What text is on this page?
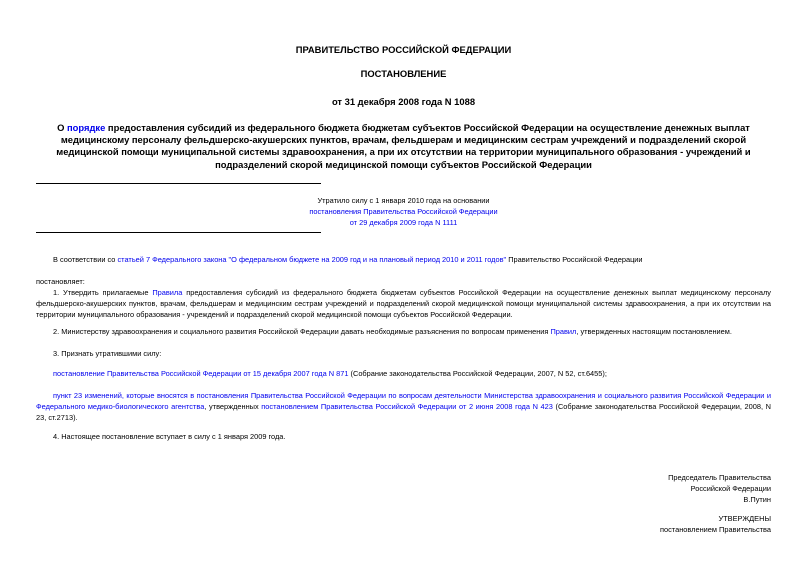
ПРАВИТЕЛЬСТВО РОССИЙСКОЙ ФЕДЕРАЦИИ
ПОСТАНОВЛЕНИЕ
от 31 декабря 2008 года N 1088
О порядке предоставления субсидий из федерального бюджета бюджетам субъектов Российской Федерации на осуществление денежных выплат медицинскому персоналу фельдшерско-акушерских пунктов, врачам, фельдшерам и медицинским сестрам учреждений и подразделений скорой медицинской помощи муниципальной системы здравоохранения, а при их отсутствии на территории муниципального образования - учреждений и подразделений скорой медицинской помощи субъектов Российской Федерации
Утратило силу с 1 января 2010 года на основании
постановления Правительства Российской Федерации
от 29 декабря 2009 года N 1111
В соответствии со статьей 7 Федерального закона "О федеральном бюджете на 2009 год и на плановый период 2010 и 2011 годов" Правительство Российской Федерации
постановляет:
1. Утвердить прилагаемые Правила предоставления субсидий из федерального бюджета бюджетам субъектов Российской Федерации на осуществление денежных выплат медицинскому персоналу фельдшерско-акушерских пунктов, врачам, фельдшерам и медицинским сестрам учреждений и подразделений скорой медицинской помощи муниципальной системы здравоохранения, а при их отсутствии на территории муниципального образования - учреждений и подразделений скорой медицинской помощи субъектов Российской Федерации.
2. Министерству здравоохранения и социального развития Российской Федерации давать необходимые разъяснения по вопросам применения Правил, утвержденных настоящим постановлением.
3. Признать утратившими силу:
постановление Правительства Российской Федерации от 15 декабря 2007 года N 871 (Собрание законодательства Российской Федерации, 2007, N 52, ст.6455);
пункт 23 изменений, которые вносятся в постановления Правительства Российской Федерации по вопросам деятельности Министерства здравоохранения и социального развития Российской Федерации и Федерального медико-биологического агентства, утвержденных постановлением Правительства Российской Федерации от 2 июня 2008 года N 423 (Собрание законодательства Российской Федерации, 2008, N 23, ст.2713).
4. Настоящее постановление вступает в силу с 1 января 2009 года.
Председатель Правительства
Российской Федерации
В.Путин
УТВЕРЖДЕНЫ
постановлением Правительства
